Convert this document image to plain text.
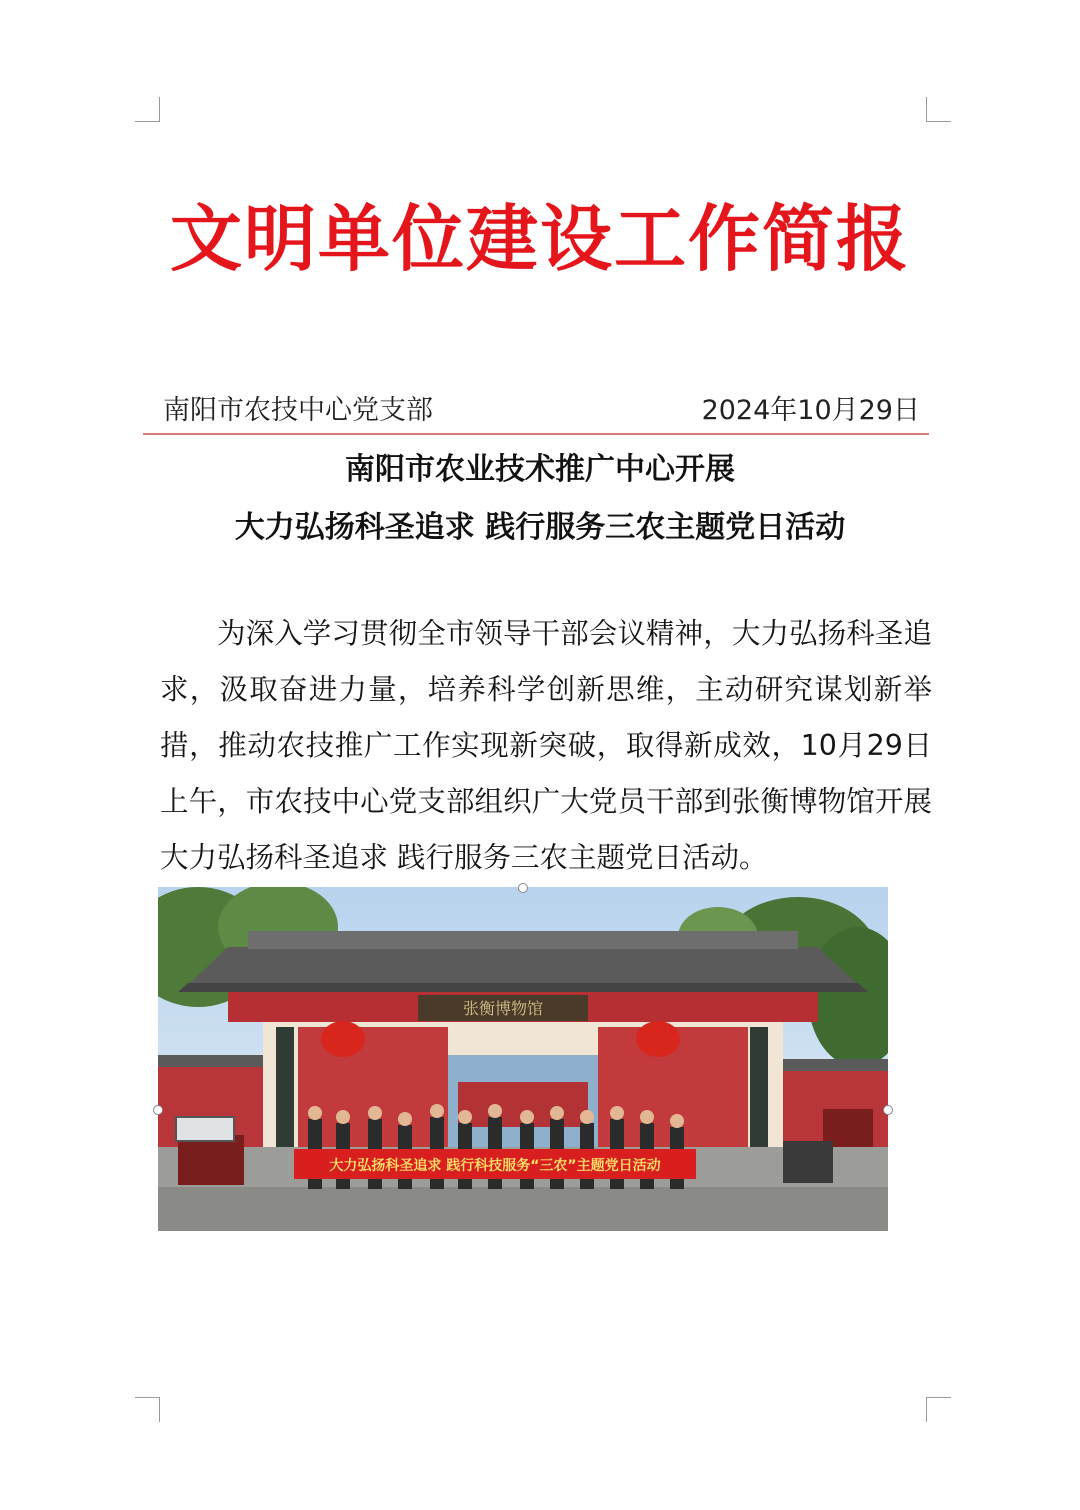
文明单位建设工作简报
南阳市农技中心党支部	2024年10月29日
南阳市农业技术推广中心开展
大力弘扬科圣追求 践行服务三农主题党日活动
为深入学习贯彻全市领导干部会议精神，大力弘扬科圣追求，汲取奋进力量，培养科学创新思维，主动研究谋划新举措，推动农技推广工作实现新突破，取得新成效，10月29日上午，市农技中心党支部组织广大党员干部到张衡博物馆开展大力弘扬科圣追求 践行服务三农主题党日活动。
张衡博物馆
大力弘扬科圣追求 践行科技服务“三农”主题党日活动
